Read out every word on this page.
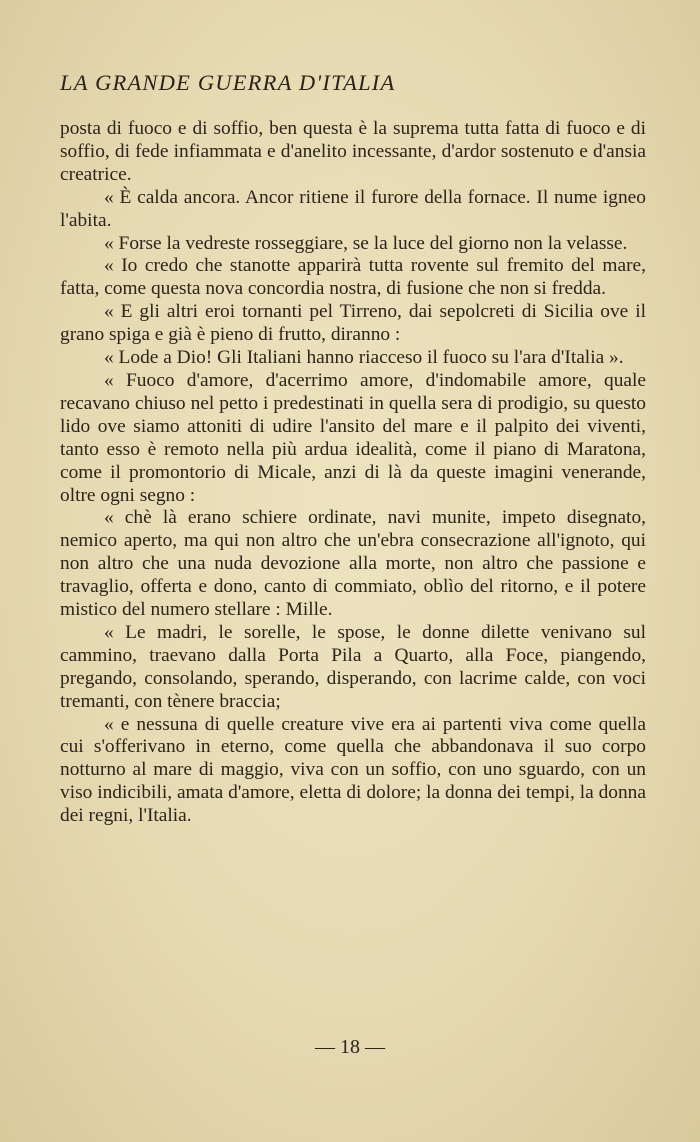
LA GRANDE GUERRA D'ITALIA

posta di fuoco e di soffio, ben questa è la suprema tutta fatta di fuoco e di soffio, di fede infiammata e d'anelito incessante, d'ardor sostenuto e d'ansia creatrice.

« È calda ancora. Ancor ritiene il furore della fornace. Il nume igneo l'abita.

« Forse la vedreste rosseggiare, se la luce del giorno non la velasse.

« Io credo che stanotte apparirà tutta rovente sul fremito del mare, fatta, come questa nova concordia nostra, di fusione che non si fredda.

« E gli altri eroi tornanti pel Tirreno, dai sepolcreti di Sicilia ove il grano spiga e già è pieno di frutto, diranno :

« Lode a Dio! Gli Italiani hanno riacceso il fuoco su l'ara d'Italia ».

« Fuoco d'amore, d'acerrimo amore, d'indomabile amore, quale recavano chiuso nel petto i predestinati in quella sera di prodigio, su questo lido ove siamo attoniti di udire l'ansito del mare e il palpito dei viventi, tanto esso è remoto nella più ardua idealità, come il piano di Maratona, come il promontorio di Micale, anzi di là da queste imagini venerande, oltre ogni segno :

« chè là erano schiere ordinate, navi munite, impeto disegnato, nemico aperto, ma qui non altro che un'ebra consecrazione all'ignoto, qui non altro che una nuda devozione alla morte, non altro che passione e travaglio, offerta e dono, canto di commiato, oblìo del ritorno, e il potere mistico del numero stellare : Mille.

« Le madri, le sorelle, le spose, le donne dilette venivano sul cammino, traevano dalla Porta Pila a Quarto, alla Foce, piangendo, pregando, consolando, sperando, disperando, con lacrime calde, con voci tremanti, con tènere braccia;

« e nessuna di quelle creature vive era ai partenti viva come quella cui s'offerivano in eterno, come quella che abbandonava il suo corpo notturno al mare di maggio, viva con un soffio, con uno sguardo, con un viso indicibili, amata d'amore, eletta di dolore; la donna dei tempi, la donna dei regni, l'Italia.

— 18 —
